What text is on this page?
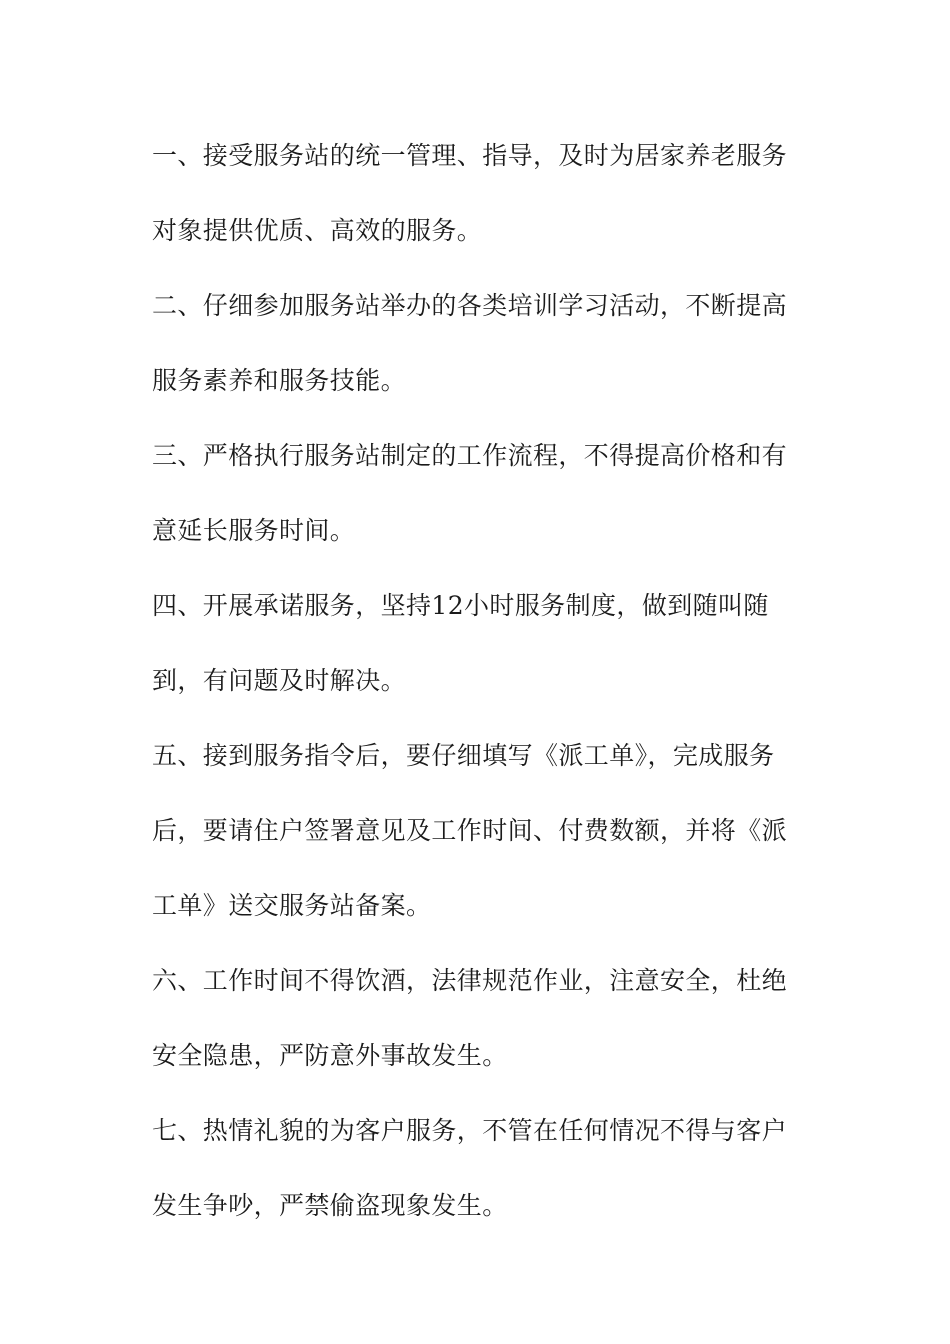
一、接受服务站的统一管理、指导，及时为居家养老服务对象提供优质、高效的服务。

二、仔细参加服务站举办的各类培训学习活动，不断提高服务素养和服务技能。

三、严格执行服务站制定的工作流程，不得提高价格和有意延长服务时间。

四、开展承诺服务，坚持12小时服务制度，做到随叫随到，有问题及时解决。

五、接到服务指令后，要仔细填写《派工单》，完成服务后，要请住户签署意见及工作时间、付费数额，并将《派工单》送交服务站备案。

六、工作时间不得饮酒，法律规范作业，注意安全，杜绝安全隐患，严防意外事故发生。

七、热情礼貌的为客户服务，不管在任何情况不得与客户发生争吵，严禁偷盗现象发生。
